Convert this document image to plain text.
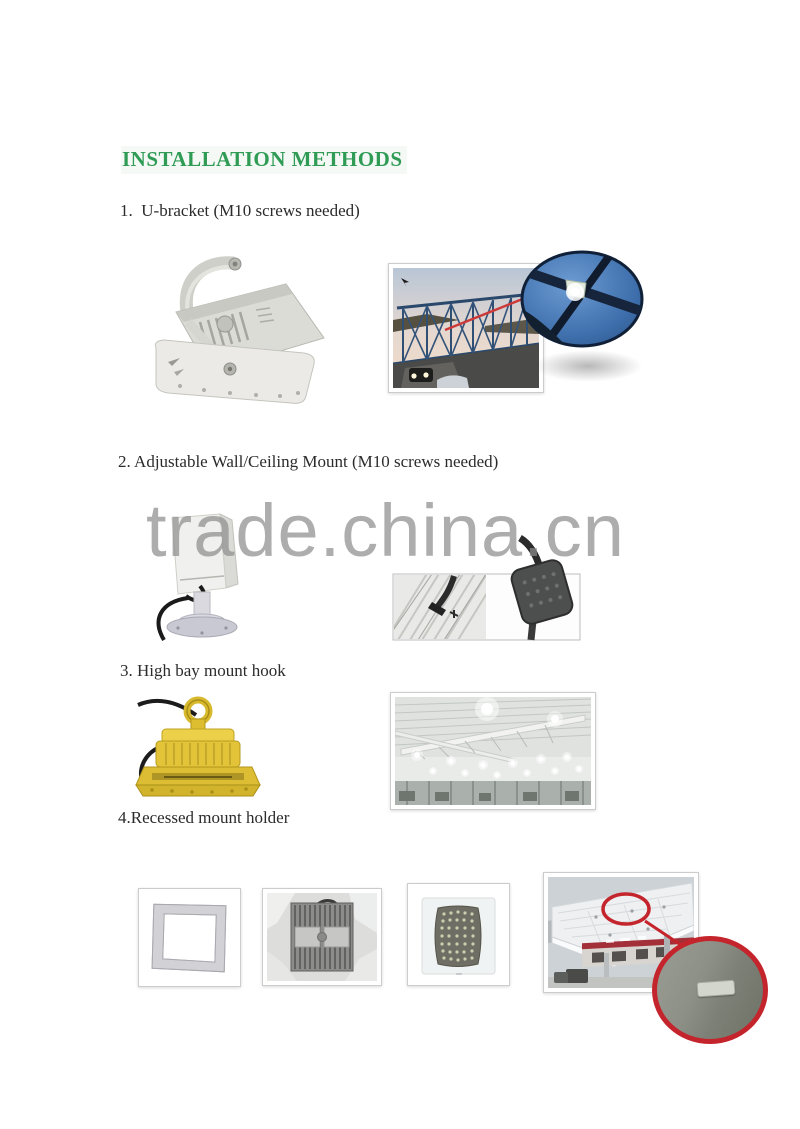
INSTALLATION METHODS
1.  U-bracket (M10 screws needed)
2. Adjustable Wall/Ceiling Mount (M10 screws needed)
3. High bay mount hook
4.Recessed mount holder
trade.china.cn
